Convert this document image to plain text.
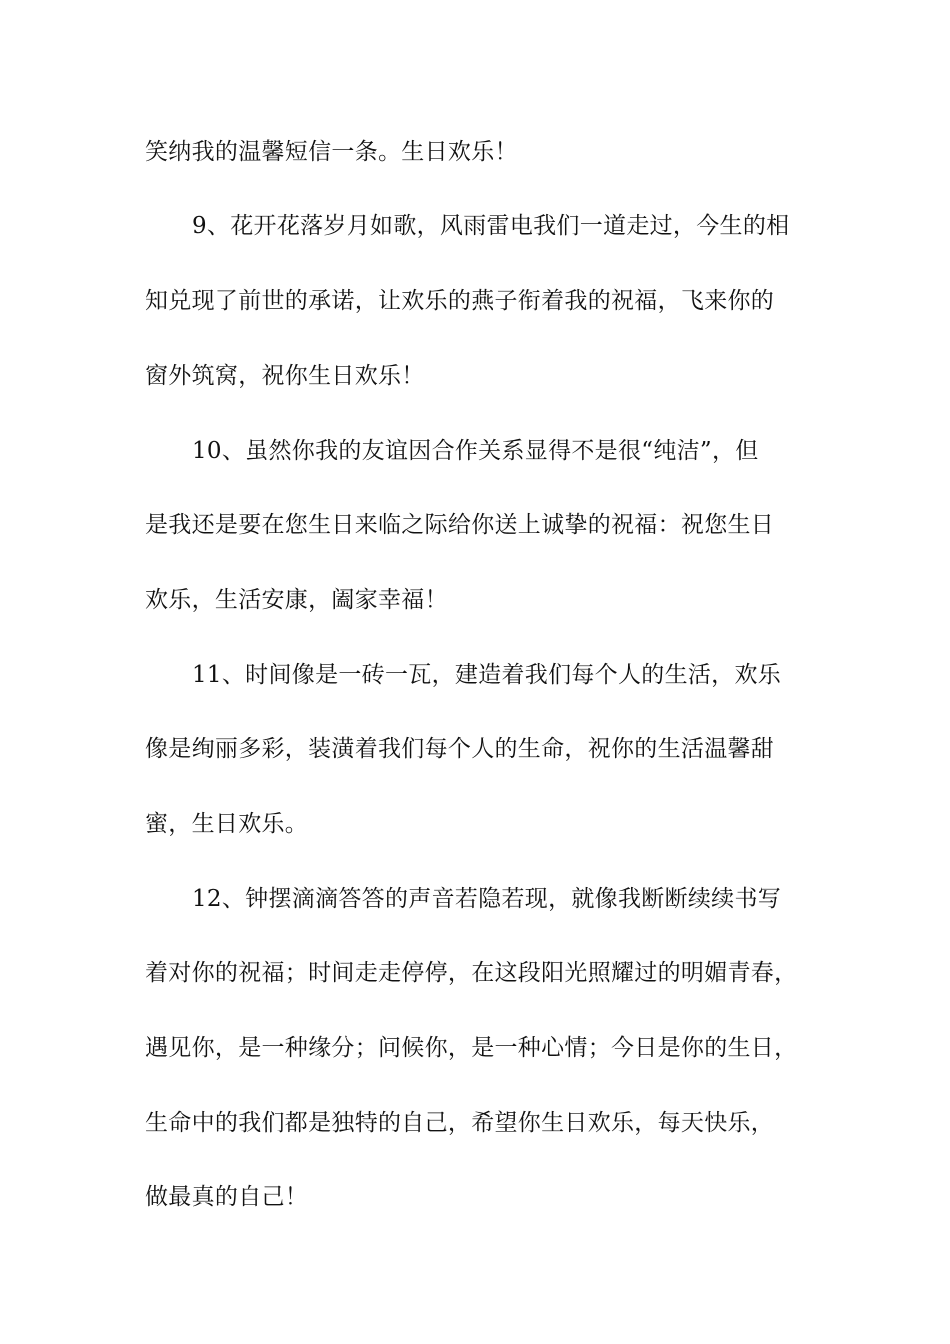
笑纳我的温馨短信一条。生日欢乐！
9、花开花落岁月如歌，风雨雷电我们一道走过，今生的相
知兑现了前世的承诺，让欢乐的燕子衔着我的祝福，飞来你的
窗外筑窝，祝你生日欢乐！
10、虽然你我的友谊因合作关系显得不是很“纯洁”，但
是我还是要在您生日来临之际给你送上诚挚的祝福：祝您生日
欢乐，生活安康，阖家幸福！
11、时间像是一砖一瓦，建造着我们每个人的生活，欢乐
像是绚丽多彩，装潢着我们每个人的生命，祝你的生活温馨甜
蜜，生日欢乐。
12、钟摆滴滴答答的声音若隐若现，就像我断断续续书写
着对你的祝福；时间走走停停，在这段阳光照耀过的明媚青春，
遇见你，是一种缘分；问候你，是一种心情；今日是你的生日，
生命中的我们都是独特的自己，希望你生日欢乐，每天快乐，
做最真的自己！
